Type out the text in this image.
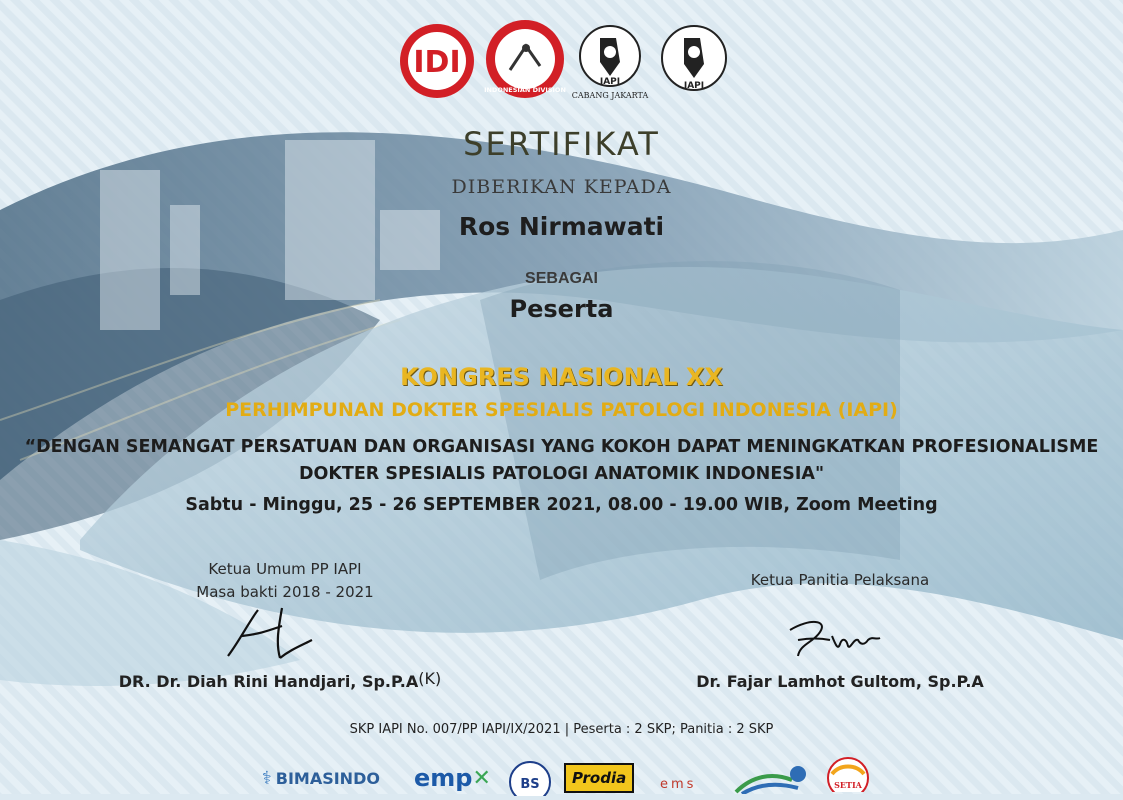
IDI
INDONESIAN DIVISION
IAPI
CABANG JAKARTA
IAPI
SERTIFIKAT
DIBERIKAN KEPADA
Ros Nirmawati
SEBAGAI
Peserta
KONGRES NASIONAL XX
PERHIMPUNAN DOKTER SPESIALIS PATOLOGI INDONESIA (IAPI)
“DENGAN SEMANGAT PERSATUAN DAN ORGANISASI YANG KOKOH DAPAT MENINGKATKAN PROFESIONALISME
DOKTER SPESIALIS PATOLOGI ANATOMIK INDONESIA"
Sabtu - Minggu, 25 - 26 SEPTEMBER 2021, 08.00 - 19.00 WIB, Zoom Meeting
Ketua Umum PP IAPI
Masa bakti 2018 - 2021
DR. Dr. Diah Rini Handjari, Sp.P.A(K)
Ketua Panitia Pelaksana
Dr. Fajar Lamhot Gultom, Sp.P.A
SKP IAPI No. 007/PP IAPI/IX/2021 | Peserta : 2 SKP; Panitia : 2 SKP
⚕ BIMASINDO emp ✕ BS	Prodia	ems	SETIA
